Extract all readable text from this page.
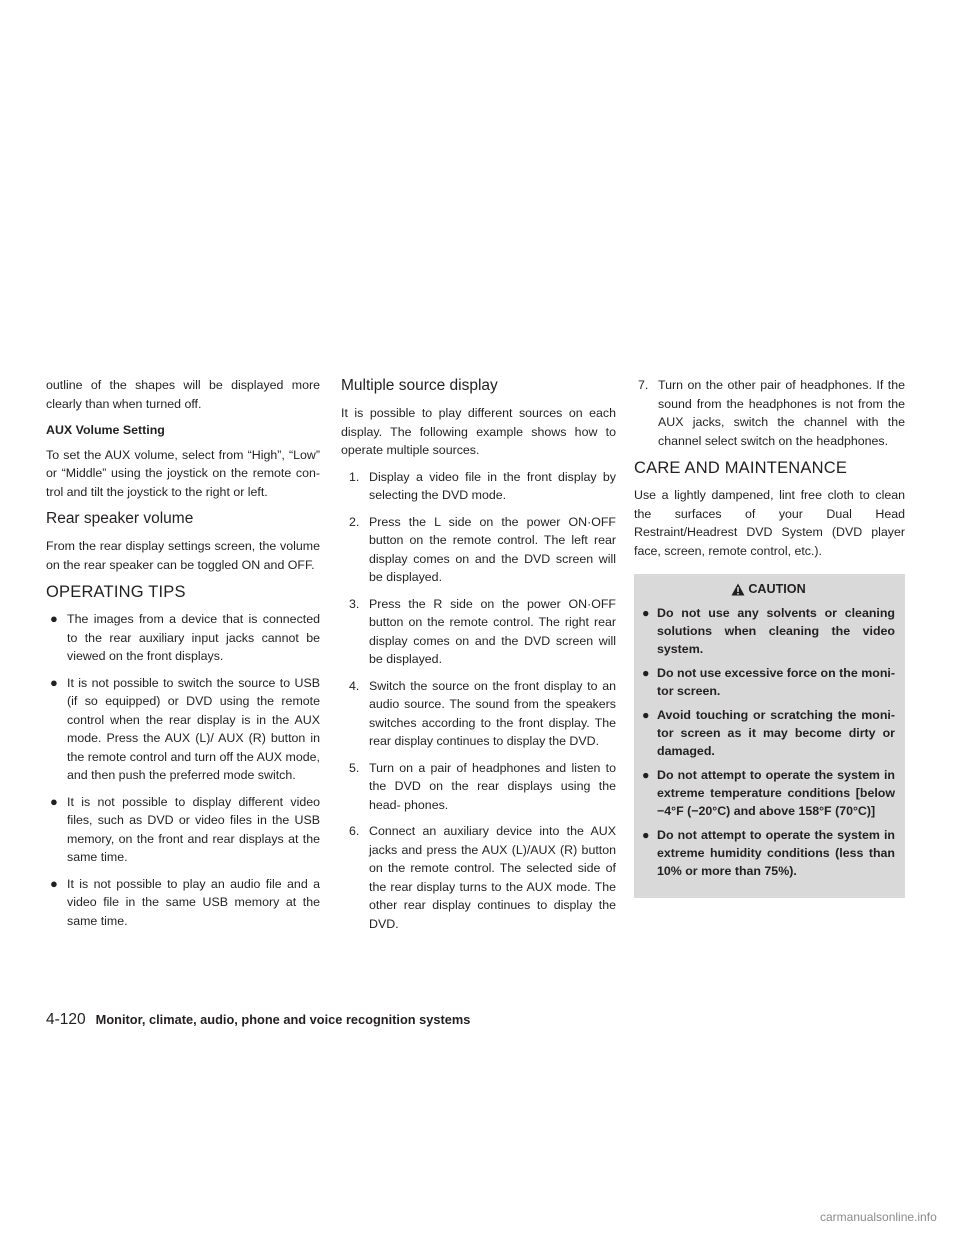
outline of the shapes will be displayed more clearly than when turned off.

AUX Volume Setting

To set the AUX volume, select from “High”, “Low” or “Middle” using the joystick on the remote con- trol and tilt the joystick to the right or left.

Rear speaker volume

From the rear display settings screen, the volume on the rear speaker can be toggled ON and OFF.

OPERATING TIPS
● The images from a device that is connected to the rear auxiliary input jacks cannot be viewed on the front displays.
● It is not possible to switch the source to USB (if so equipped) or DVD using the remote control when the rear display is in the AUX mode. Press the AUX (L)/ AUX (R) button in the remote control and turn off the AUX mode, and then push the preferred mode switch.
● It is not possible to display different video files, such as DVD or video files in the USB memory, on the front and rear displays at the same time.
● It is not possible to play an audio file and a video file in the same USB memory at the same time.
Multiple source display

It is possible to play different sources on each display. The following example shows how to operate multiple sources.

1. Display a video file in the front display by selecting the DVD mode.
2. Press the L side on the power ON·OFF button on the remote control. The left rear display comes on and the DVD screen will be displayed.
3. Press the R side on the power ON·OFF button on the remote control. The right rear display comes on and the DVD screen will be displayed.
4. Switch the source on the front display to an audio source. The sound from the speakers switches according to the front display. The rear display continues to display the DVD.
5. Turn on a pair of headphones and listen to the DVD on the rear displays using the head- phones.
6. Connect an auxiliary device into the AUX jacks and press the AUX (L)/AUX (R) button on the remote control. The selected side of the rear display turns to the AUX mode. The other rear display continues to display the DVD.
7. Turn on the other pair of headphones. If the sound from the headphones is not from the AUX jacks, switch the channel with the channel select switch on the headphones.
CARE AND MAINTENANCE

Use a lightly dampened, lint free cloth to clean the surfaces of your Dual Head Restraint/Headrest DVD System (DVD player face, screen, remote control, etc.).

CAUTION
● Do not use any solvents or cleaning solutions when cleaning the video system.
● Do not use excessive force on the moni- tor screen.
● Avoid touching or scratching the moni- tor screen as it may become dirty or damaged.
● Do not attempt to operate the system in extreme temperature conditions [below −4°F (−20°C) and above 158°F (70°C)]
● Do not attempt to operate the system in extreme humidity conditions (less than 10% or more than 75%).
4-120 Monitor, climate, audio, phone and voice recognition systems
carmanualsonline.info
